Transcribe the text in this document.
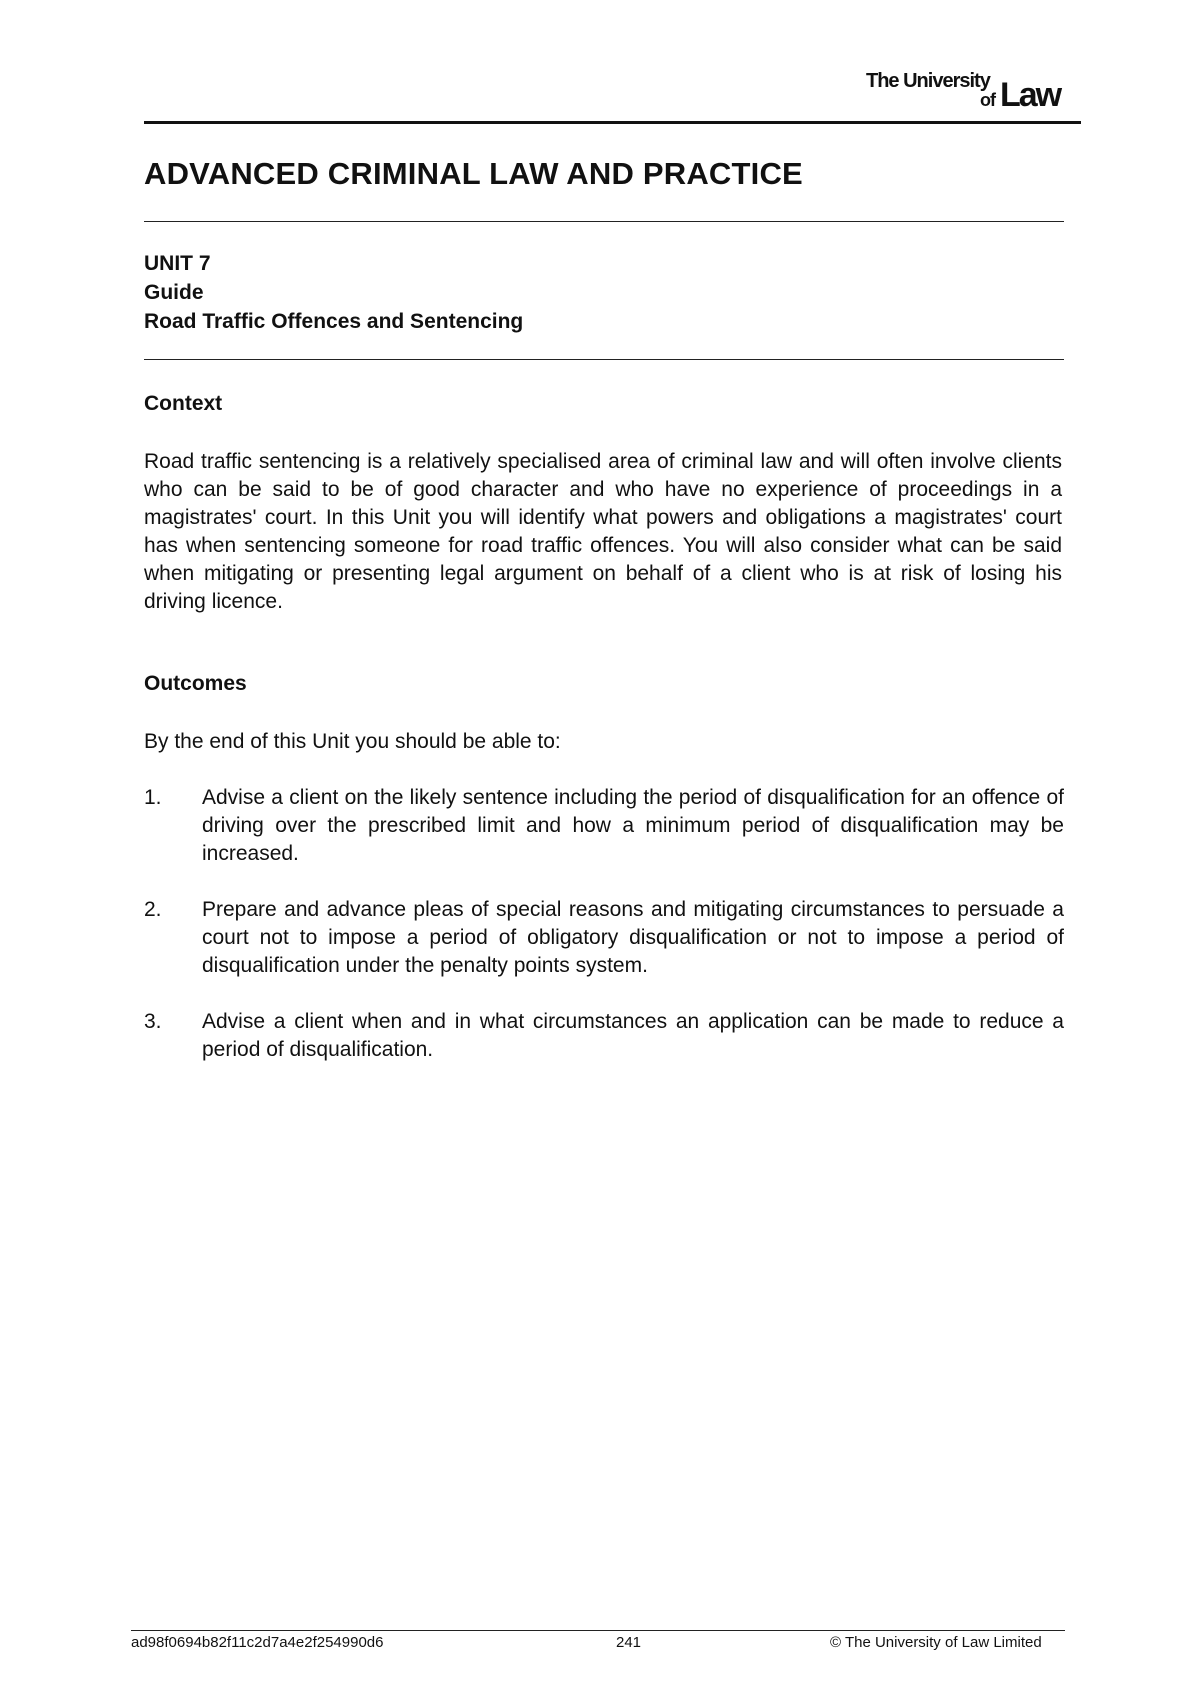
The University
of Law
ADVANCED CRIMINAL LAW AND PRACTICE
UNIT 7
Guide
Road Traffic Offences and Sentencing
Context
Road traffic sentencing is a relatively specialised area of criminal law and will often involve clients who can be said to be of good character and who have no experience of proceedings in a magistrates' court. In this Unit you will identify what powers and obligations a magistrates' court has when sentencing someone for road traffic offences. You will also consider what can be said when mitigating or presenting legal argument on behalf of a client who is at risk of losing his driving licence.
Outcomes
By the end of this Unit you should be able to:
1.	Advise a client on the likely sentence including the period of disqualification for an offence of driving over the prescribed limit and how a minimum period of disqualification may be increased.
2.	Prepare and advance pleas of special reasons and mitigating circumstances to persuade a court not to impose a period of obligatory disqualification or not to impose a period of disqualification under the penalty points system.
3.	Advise a client when and in what circumstances an application can be made to reduce a period of disqualification.
ad98f0694b82f11c2d7a4e2f254990d6	241	© The University of Law Limited
